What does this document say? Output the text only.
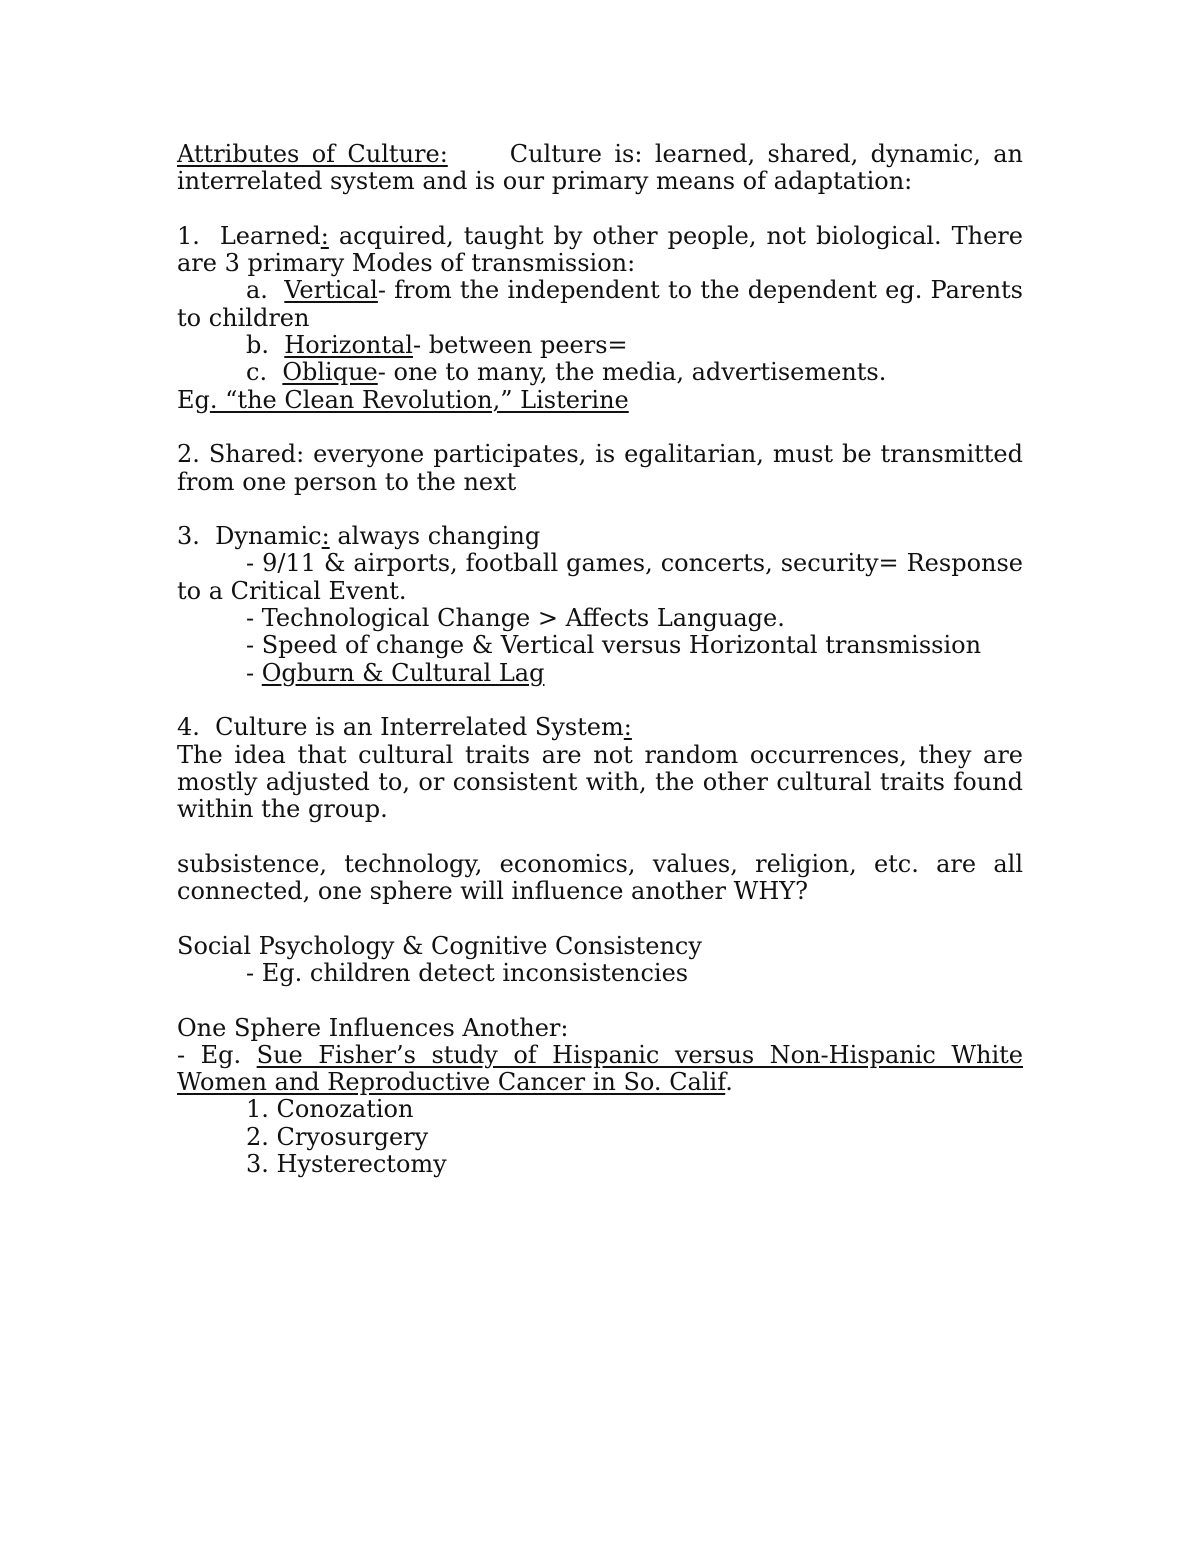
Attributes of Culture:	Culture is: learned, shared, dynamic, an interrelated system and is our primary means of adaptation:

1. Learned: acquired, taught by other people, not biological. There are 3 primary Modes of transmission:

a. Vertical- from the independent to the dependent eg. Parents to children

b. Horizontal- between peers=

c. Oblique- one to many, the media, advertisements.

Eg. “the Clean Revolution,” Listerine

2. Shared: everyone participates, is egalitarian, must be transmitted from one person to the next

3. Dynamic: always changing

- 9/11 & airports, football games, concerts, security= Response to a Critical Event.

- Technological Change > Affects Language.

- Speed of change & Vertical versus Horizontal transmission

- Ogburn & Cultural Lag

4. Culture is an Interrelated System:

The idea that cultural traits are not random occurrences, they are mostly adjusted to, or consistent with, the other cultural traits found within the group.

subsistence, technology, economics, values, religion, etc. are all connected, one sphere will influence another WHY?

Social Psychology & Cognitive Consistency

- Eg. children detect inconsistencies

One Sphere Influences Another:

- Eg. Sue Fisher’s study of Hispanic versus Non-Hispanic White Women and Reproductive Cancer in So. Calif.

1. Conozation

2. Cryosurgery

3. Hysterectomy
